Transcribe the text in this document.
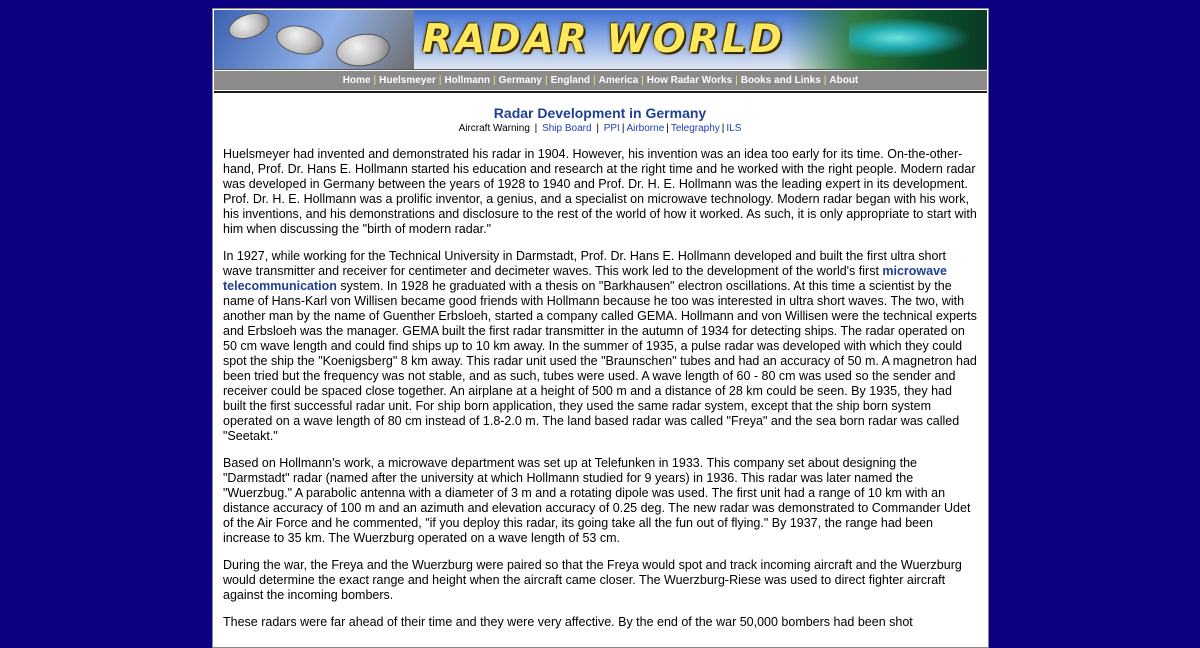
RADAR WORLD
Home | Huelsmeyer | Hollmann | Germany | England | America | How Radar Works | Books and Links | About
Radar Development in Germany
Aircraft Warning | Ship Board | PPI | Airborne | Telegraphy | ILS

Huelsmeyer had invented and demonstrated his radar in 1904. However, his invention was an idea too early for its time. On-the-other-hand, Prof. Dr. Hans E. Hollmann started his education and research at the right time and he worked with the right people. Modern radar was developed in Germany between the years of 1928 to 1940 and Prof. Dr. H. E. Hollmann was the leading expert in its development. Prof. Dr. H. E. Hollmann was a prolific inventor, a genius, and a specialist on microwave technology. Modern radar began with his work, his inventions, and his demonstrations and disclosure to the rest of the world of how it worked. As such, it is only appropriate to start with him when discussing the "birth of modern radar."

In 1927, while working for the Technical University in Darmstadt, Prof. Dr. Hans E. Hollmann developed and built the first ultra short wave transmitter and receiver for centimeter and decimeter waves. This work led to the development of the world's first microwave telecommunication system. In 1928 he graduated with a thesis on "Barkhausen" electron oscillations. At this time a scientist by the name of Hans-Karl von Willisen became good friends with Hollmann because he too was interested in ultra short waves. The two, with another man by the name of Guenther Erbsloeh, started a company called GEMA. Hollmann and von Willisen were the technical experts and Erbsloeh was the manager. GEMA built the first radar transmitter in the autumn of 1934 for detecting ships. The radar operated on 50 cm wave length and could find ships up to 10 km away. In the summer of 1935, a pulse radar was developed with which they could spot the ship the "Koenigsberg" 8 km away. This radar unit used the "Braunschen" tubes and had an accuracy of 50 m. A magnetron had been tried but the frequency was not stable, and as such, tubes were used. A wave length of 60 - 80 cm was used so the sender and receiver could be spaced close together. An airplane at a height of 500 m and a distance of 28 km could be seen. By 1935, they had built the first successful radar unit. For ship born application, they used the same radar system, except that the ship born system operated on a wave length of 80 cm instead of 1.8-2.0 m. The land based radar was called "Freya" and the sea born radar was called "Seetakt."

Based on Hollmann's work, a microwave department was set up at Telefunken in 1933. This company set about designing the "Darmstadt" radar (named after the university at which Hollmann studied for 9 years) in 1936. This radar was later named the "Wuerzbug." A parabolic antenna with a diameter of 3 m and a rotating dipole was used. The first unit had a range of 10 km with an distance accuracy of 100 m and an azimuth and elevation accuracy of 0.25 deg. The new radar was demonstrated to Commander Udet of the Air Force and he commented, "if you deploy this radar, its going take all the fun out of flying." By 1937, the range had been increase to 35 km. The Wuerzburg operated on a wave length of 53 cm.

During the war, the Freya and the Wuerzburg were paired so that the Freya would spot and track incoming aircraft and the Wuerzburg would determine the exact range and height when the aircraft came closer. The Wuerzburg-Riese was used to direct fighter aircraft against the incoming bombers.

These radars were far ahead of their time and they were very affective. By the end of the war 50,000 bombers had been shot
